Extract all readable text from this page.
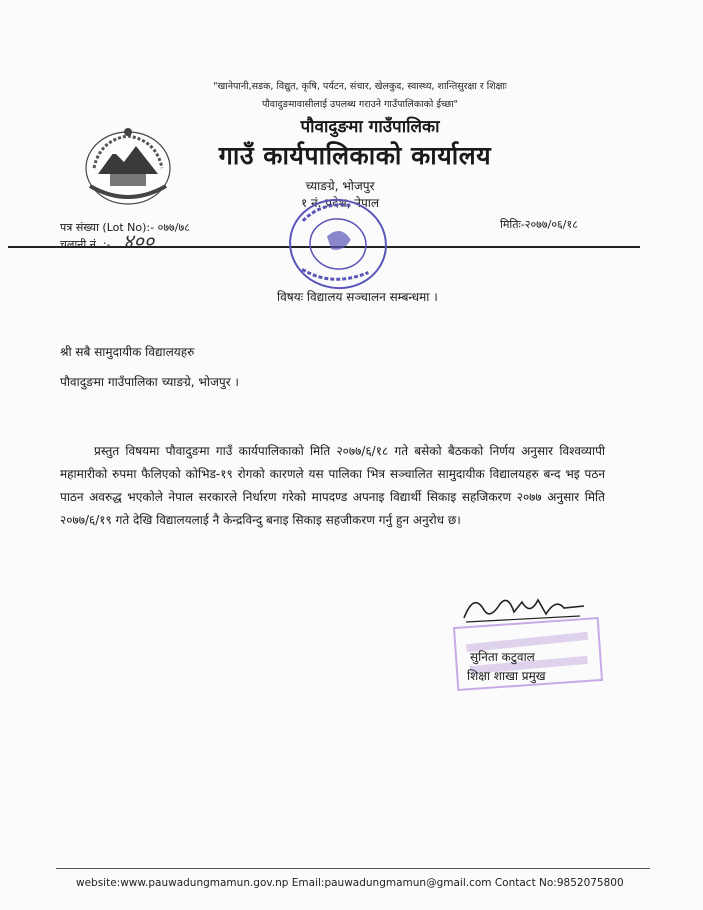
"खानेपानी,सडक, विद्युत, कृषि, पर्यटन, संचार, खेलकुद, स्वास्थ्य, शान्तिसुरक्षा र शिक्षाः
पौवादुङमावासीलाई उपलब्ध गराउने गाउँपालिकाको ईच्छा"
पौवादुङमा गाउँपालिका
गाउँ कार्यपालिकाको कार्यालय
च्याङग्रे, भोजपुर
१ नं. प्रदेश, नेपाल
पत्र संख्या (Lot No):- ०७७/७८
चलानी नं. :- ४००
मितिः-२०७७/०६/१८
विषयः विद्यालय सञ्चालन सम्बन्धमा ।
श्री सबै सामुदायीक विद्यालयहरु
पौवादुङमा गाउँपालिका च्याङग्रे, भोजपुर ।
प्रस्तुत विषयमा पौवादुङमा गाउँ कार्यपालिकाको मिति २०७७/६/१८ गते बसेको बैठकको निर्णय अनुसार विश्वव्यापी महामारीको रुपमा फैलिएको कोभिड-१९ रोगको कारणले यस पालिका भित्र सञ्चालित सामुदायीक विद्यालयहरु बन्द भइ पठन पाठन अवरुद्ध भएकोले नेपाल सरकारले निर्धारण गरेको मापदण्ड अपनाइ विद्यार्थी सिकाइ सहजिकरण २०७७ अनुसार मिति २०७७/६/१९ गते देखि विद्यालयलाई नै केन्द्रविन्दु बनाइ सिकाइ सहजीकरण गर्नु हुन अनुरोध छ।
सुनिता कटुवाल
शिक्षा शाखा प्रमुख
website:www.pauwadungmamun.gov.np Email:pauwadungmamun@gmail.com Contact No:9852075800
